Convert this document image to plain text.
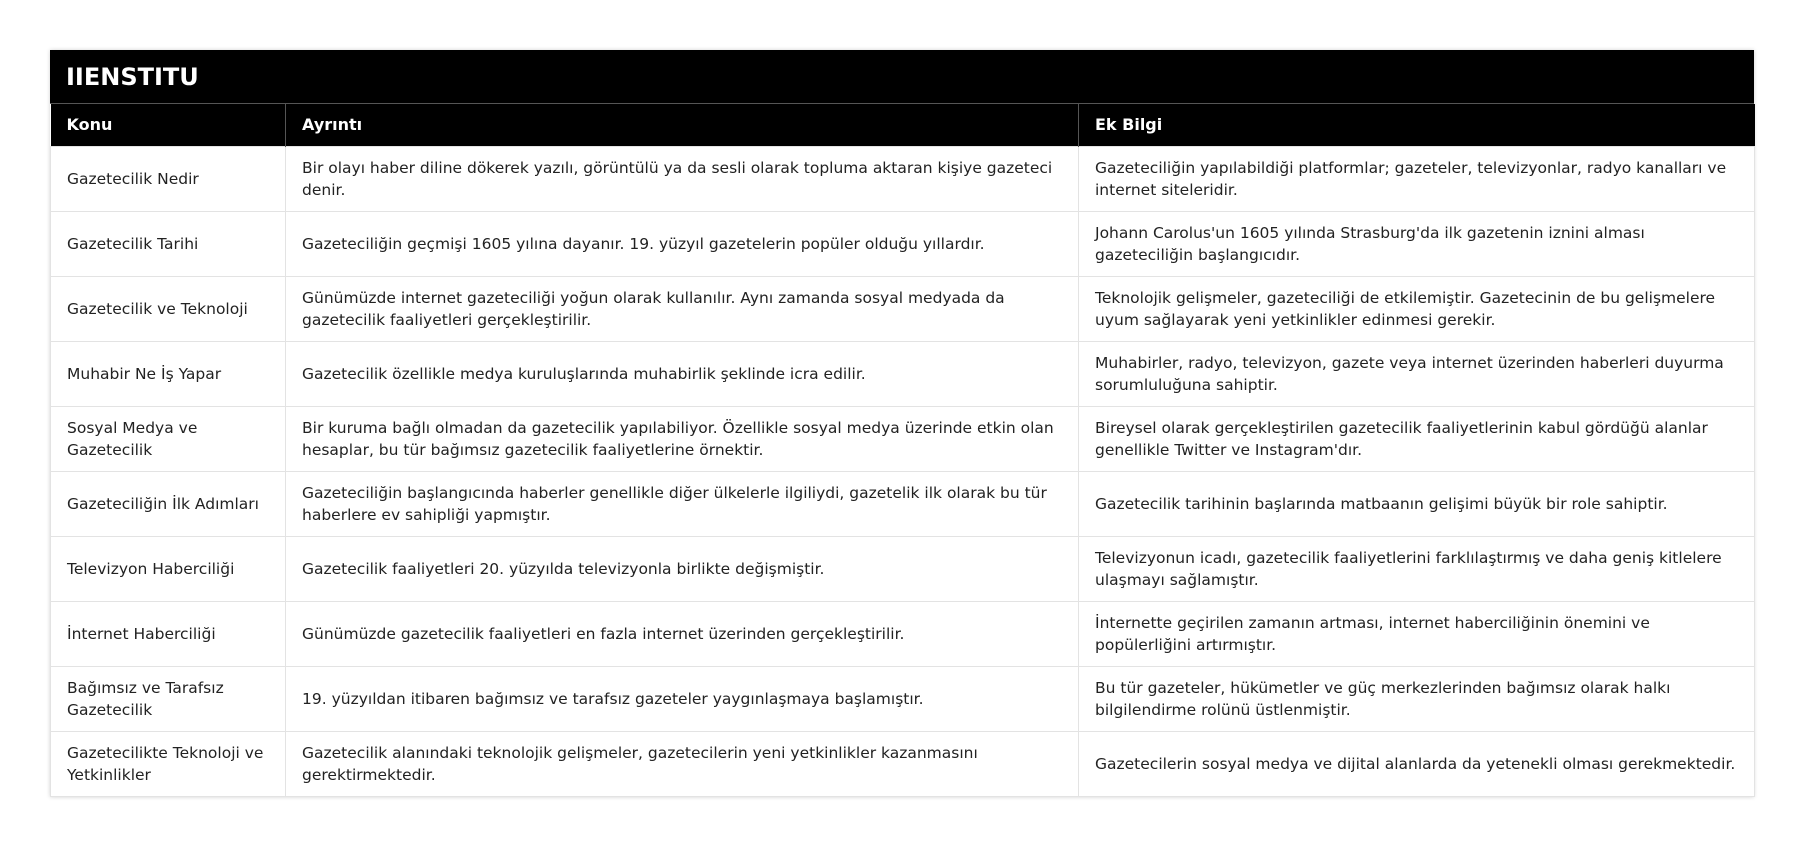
IIENSTITU
Konu	Ayrıntı	Ek Bilgi
Gazetecilik Nedir	Bir olayı haber diline dökerek yazılı, görüntülü ya da sesli olarak topluma aktaran kişiye gazeteci denir.	Gazeteciliğin yapılabildiği platformlar; gazeteler, televizyonlar, radyo kanalları ve internet siteleridir.
Gazetecilik Tarihi	Gazeteciliğin geçmişi 1605 yılına dayanır. 19. yüzyıl gazetelerin popüler olduğu yıllardır.	Johann Carolus'un 1605 yılında Strasburg'da ilk gazetenin iznini alması gazeteciliğin başlangıcıdır.
Gazetecilik ve Teknoloji	Günümüzde internet gazeteciliği yoğun olarak kullanılır. Aynı zamanda sosyal medyada da gazetecilik faaliyetleri gerçekleştirilir.	Teknolojik gelişmeler, gazeteciliği de etkilemiştir. Gazetecinin de bu gelişmelere uyum sağlayarak yeni yetkinlikler edinmesi gerekir.
Muhabir Ne İş Yapar	Gazetecilik özellikle medya kuruluşlarında muhabirlik şeklinde icra edilir.	Muhabirler, radyo, televizyon, gazete veya internet üzerinden haberleri duyurma sorumluluğuna sahiptir.
Sosyal Medya ve Gazetecilik	Bir kuruma bağlı olmadan da gazetecilik yapılabiliyor. Özellikle sosyal medya üzerinde etkin olan hesaplar, bu tür bağımsız gazetecilik faaliyetlerine örnektir.	Bireysel olarak gerçekleştirilen gazetecilik faaliyetlerinin kabul gördüğü alanlar genellikle Twitter ve Instagram'dır.
Gazeteciliğin İlk Adımları	Gazeteciliğin başlangıcında haberler genellikle diğer ülkelerle ilgiliydi, gazetelik ilk olarak bu tür haberlere ev sahipliği yapmıştır.	Gazetecilik tarihinin başlarında matbaanın gelişimi büyük bir role sahiptir.
Televizyon Haberciliği	Gazetecilik faaliyetleri 20. yüzyılda televizyonla birlikte değişmiştir.	Televizyonun icadı, gazetecilik faaliyetlerini farklılaştırmış ve daha geniş kitlelere ulaşmayı sağlamıştır.
İnternet Haberciliği	Günümüzde gazetecilik faaliyetleri en fazla internet üzerinden gerçekleştirilir.	İnternette geçirilen zamanın artması, internet haberciliğinin önemini ve popülerliğini artırmıştır.
Bağımsız ve Tarafsız Gazetecilik	19. yüzyıldan itibaren bağımsız ve tarafsız gazeteler yaygınlaşmaya başlamıştır.	Bu tür gazeteler, hükümetler ve güç merkezlerinden bağımsız olarak halkı bilgilendirme rolünü üstlenmiştir.
Gazetecilikte Teknoloji ve Yetkinlikler	Gazetecilik alanındaki teknolojik gelişmeler, gazetecilerin yeni yetkinlikler kazanmasını gerektirmektedir.	Gazetecilerin sosyal medya ve dijital alanlarda da yetenekli olması gerekmektedir.
